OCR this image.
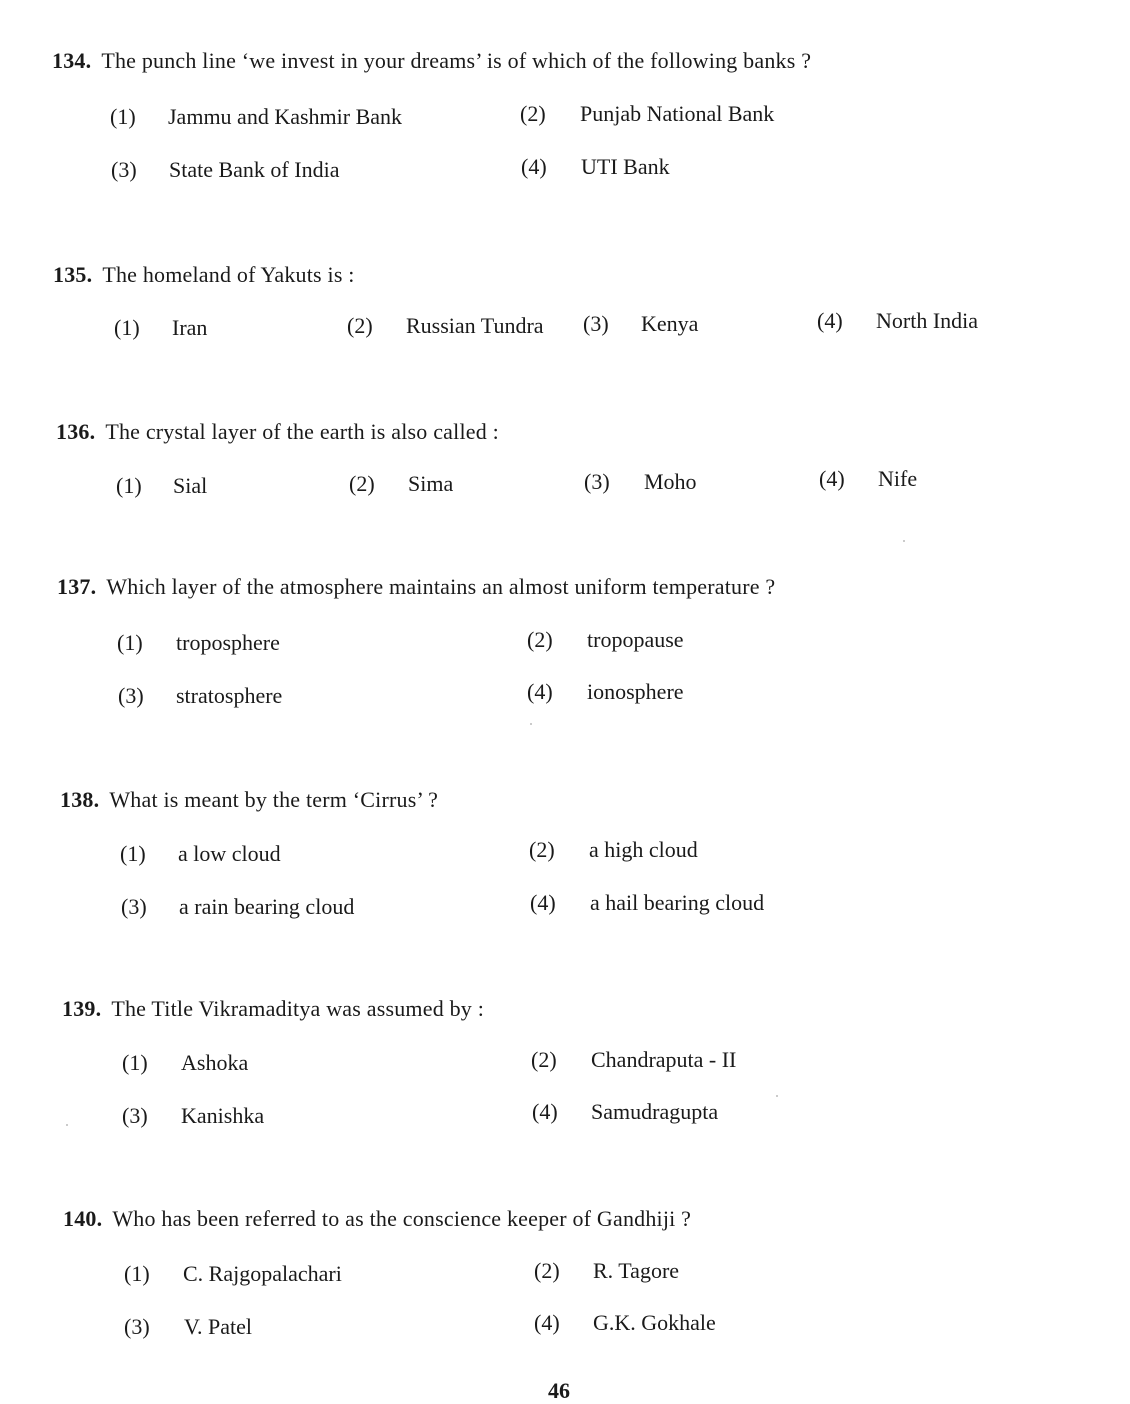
134. The punch line ‘we invest in your dreams’ is of which of the following banks ?
(1) Jammu and Kashmir Bank	(2) Punjab National Bank
(3) State Bank of India	(4) UTI Bank
135. The homeland of Yakuts is :
(1) Iran	(2) Russian Tundra (3) Kenya	(4) North India
136. The crystal layer of the earth is also called :
(1) Sial	(2) Sima	(3) Moho	(4) Nife
137. Which layer of the atmosphere maintains an almost uniform temperature ?
(1) troposphere	(2) tropopause
(3) stratosphere	(4) ionosphere
138. What is meant by the term ‘Cirrus’ ?
(1) a low cloud	(2) a high cloud
(3) a rain bearing cloud	(4) a hail bearing cloud
139. The Title Vikramaditya was assumed by :
(1) Ashoka	(2) Chandraputa - II
(3) Kanishka	(4) Samudragupta
140. Who has been referred to as the conscience keeper of Gandhiji ?
(1) C. Rajgopalachari	(2) R. Tagore
(3) V. Patel	(4) G.K. Gokhale
46
